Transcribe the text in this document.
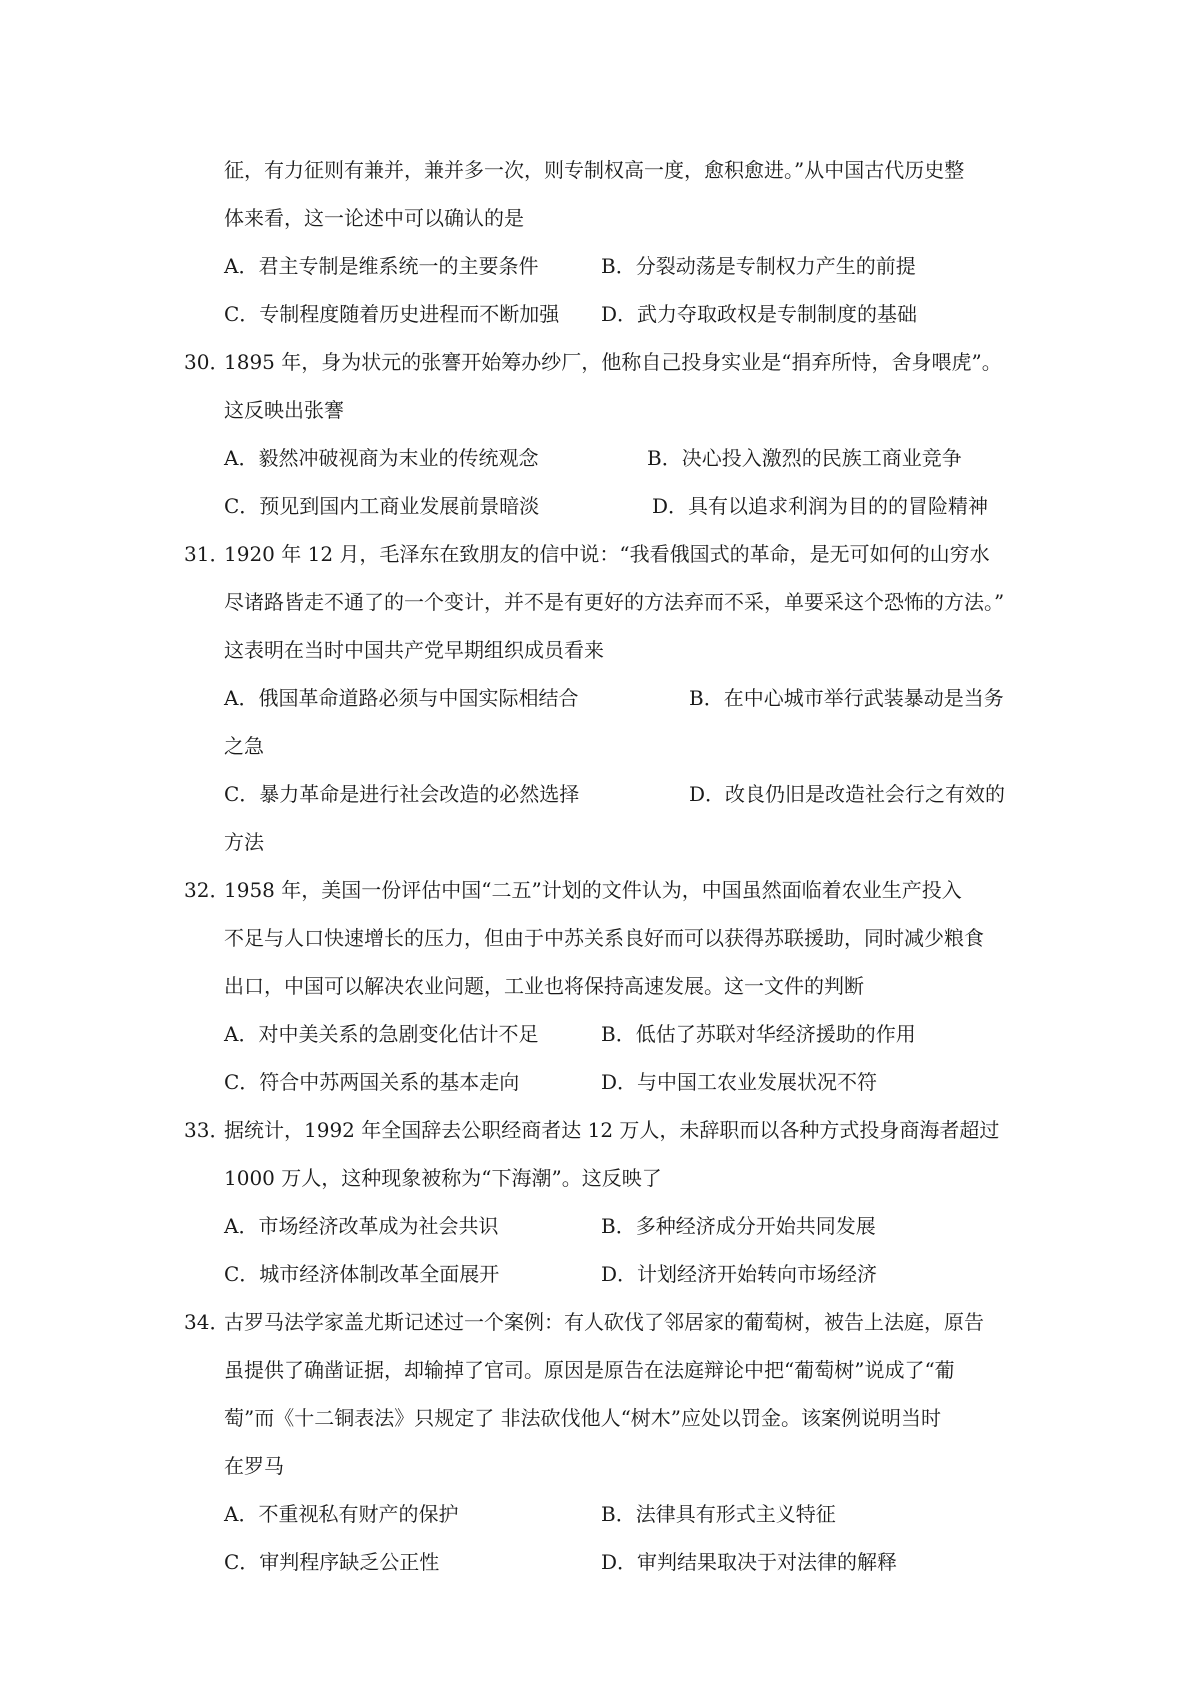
征，有力征则有兼并，兼并多一次，则专制权高一度，愈积愈进。”从中国古代历史整
体来看，这一论述中可以确认的是
A．君主专制是维系统一的主要条件	B．分裂动荡是专制权力产生的前提
C．专制程度随着历史进程而不断加强 D．武力夺取政权是专制制度的基础
30．
1895 年，身为状元的张謇开始筹办纱厂，他称自己投身实业是“捐弃所恃，舍身喂虎”。
这反映出张謇
A．毅然冲破视商为末业的传统观念	B．决心投入激烈的民族工商业竞争
C．预见到国内工商业发展前景暗淡	D．具有以追求利润为目的的冒险精神
31．
1920 年 12 月，毛泽东在致朋友的信中说：“我看俄国式的革命，是无可如何的山穷水
尽诸路皆走不通了的一个变计，并不是有更好的方法弃而不采，单要采这个恐怖的方法。”
这表明在当时中国共产党早期组织成员看来
A．俄国革命道路必须与中国实际相结合	B．在中心城市举行武装暴动是当务
之急
C．暴力革命是进行社会改造的必然选择	D．改良仍旧是改造社会行之有效的
方法
32．
1958 年，美国一份评估中国“二五”计划的文件认为，中国虽然面临着农业生产投入
不足与人口快速增长的压力，但由于中苏关系良好而可以获得苏联援助，同时减少粮食
出口，中国可以解决农业问题，工业也将保持高速发展。这一文件的判断
A．对中美关系的急剧变化估计不足	B．低估了苏联对华经济援助的作用
C．符合中苏两国关系的基本走向	D．与中国工农业发展状况不符
33．
据统计，1992 年全国辞去公职经商者达 12 万人，未辞职而以各种方式投身商海者超过
1000 万人，这种现象被称为“下海潮”。这反映了
A．市场经济改革成为社会共识	B．多种经济成分开始共同发展
C．城市经济体制改革全面展开	D．计划经济开始转向市场经济
34．
古罗马法学家盖尤斯记述过一个案例：有人砍伐了邻居家的葡萄树，被告上法庭，原告
虽提供了确凿证据，却输掉了官司。原因是原告在法庭辩论中把“葡萄树”说成了“葡
萄”而《十二铜表法》只规定了 非法砍伐他人“树木”应处以罚金。该案例说明当时
在罗马
A．不重视私有财产的保护	B．法律具有形式主义特征
C．审判程序缺乏公正性	D．审判结果取决于对法律的解释
